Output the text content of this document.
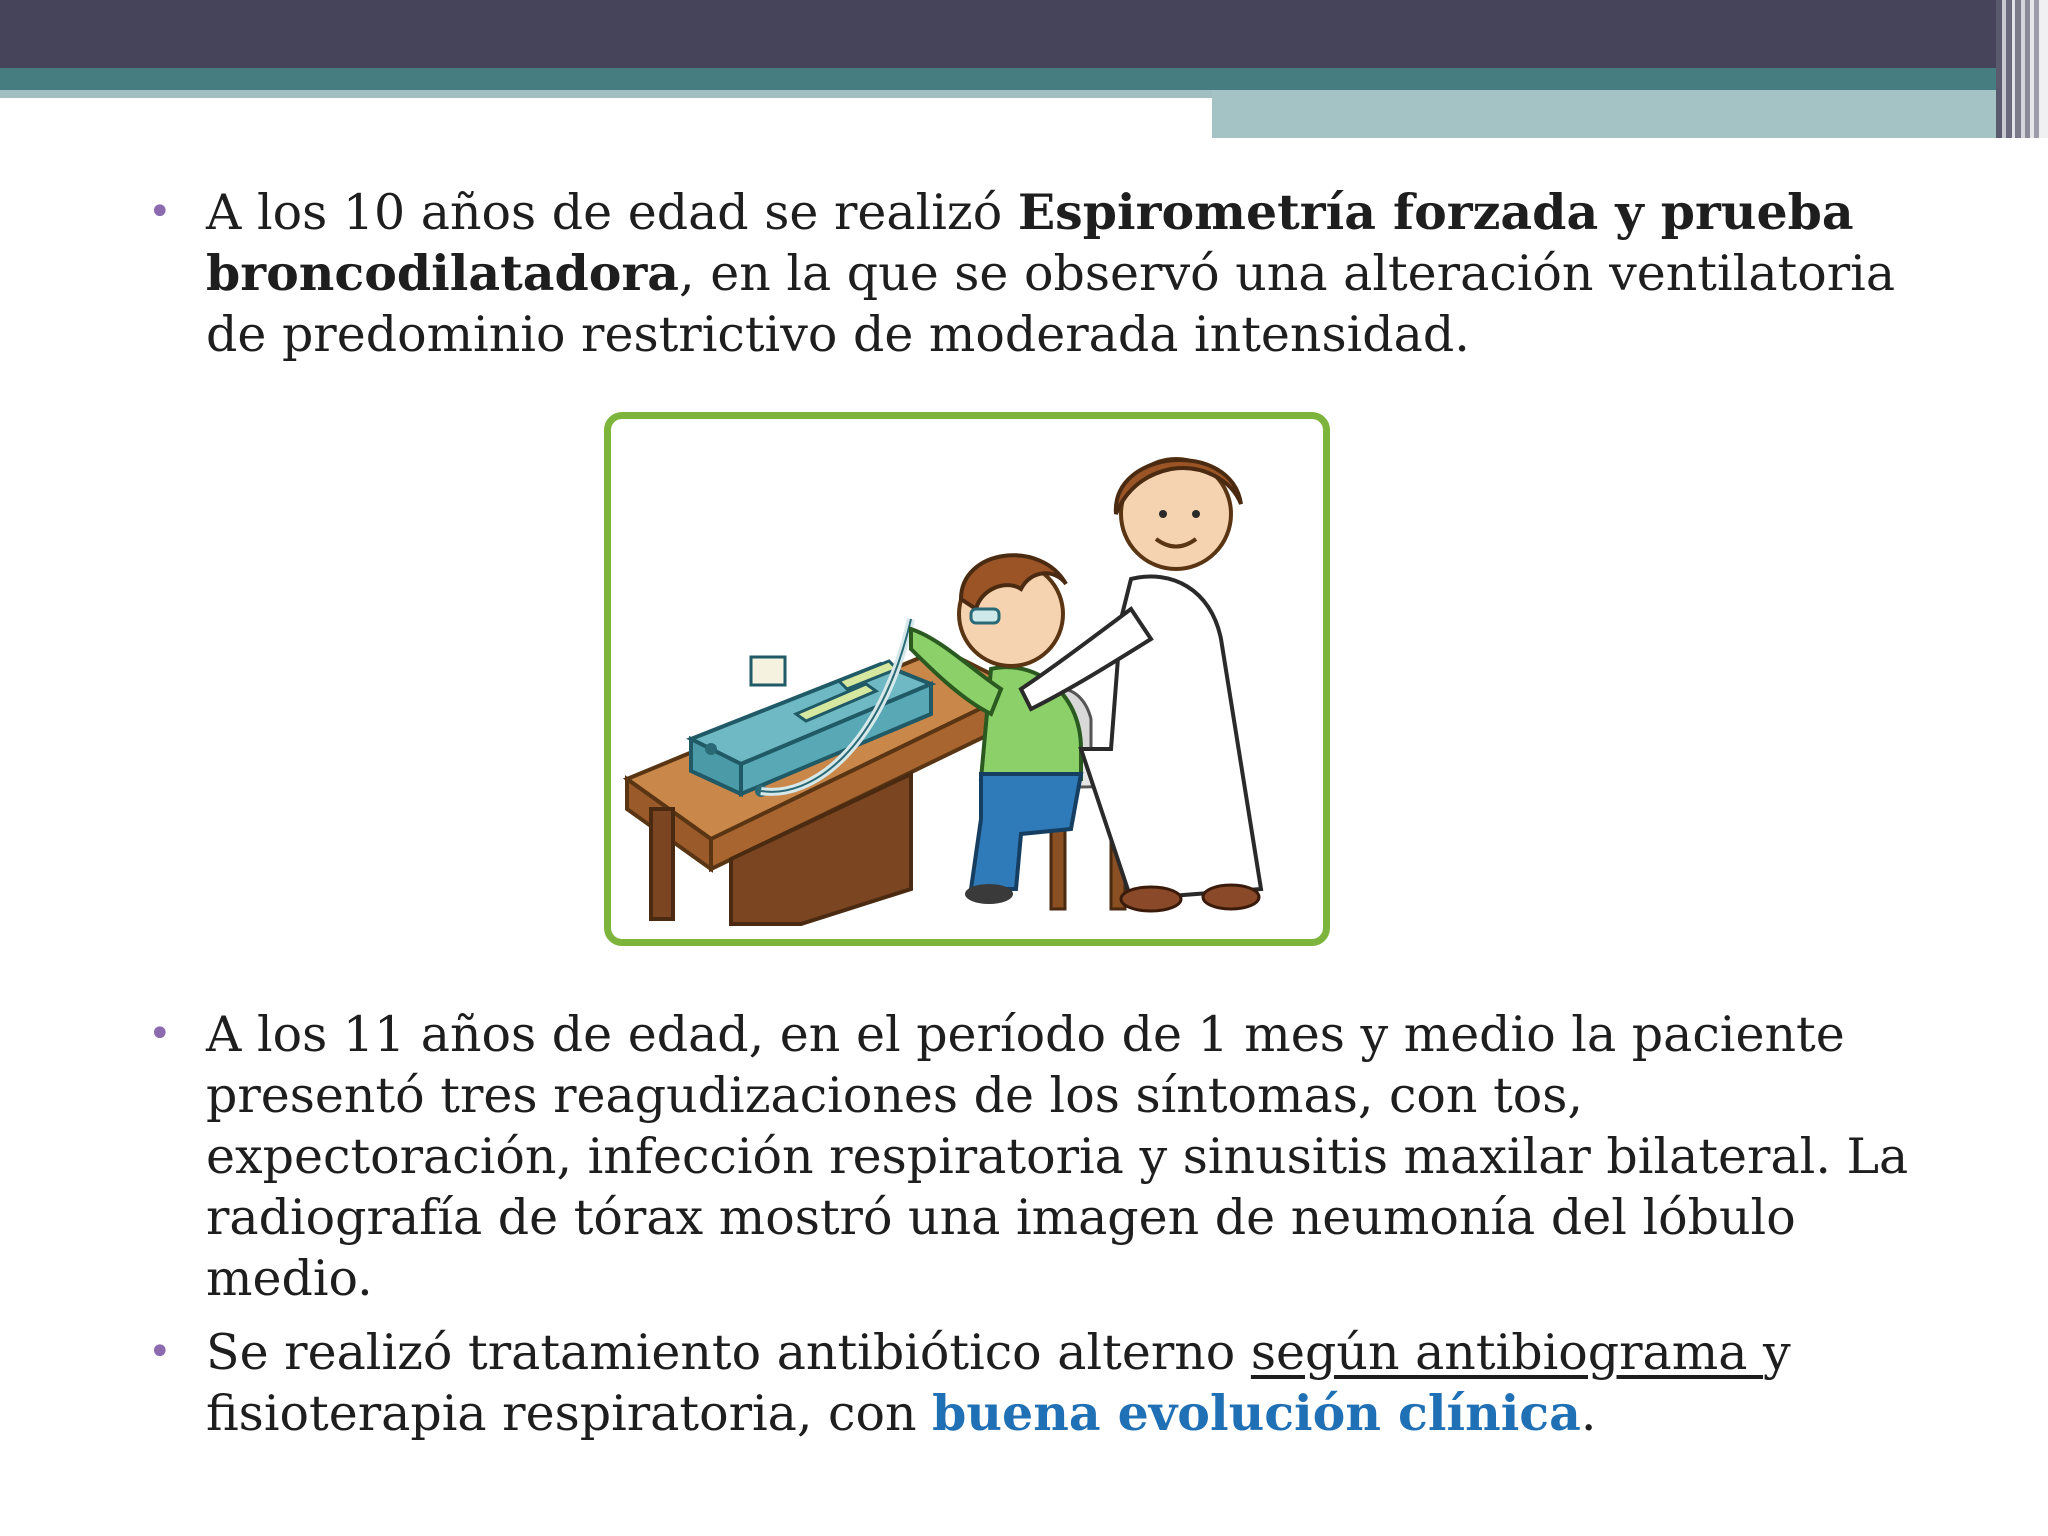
• A los 10 años de edad se realizó Espirometría forzada y prueba broncodilatadora, en la que se observó una alteración ventilatoria de predominio restrictivo de moderada intensidad.
• A los 11 años de edad, en el período de 1 mes y medio la paciente presentó tres reagudizaciones de los síntomas, con tos, expectoración, infección respiratoria y sinusitis maxilar bilateral. La radiografía de tórax mostró una imagen de neumonía del lóbulo medio.
• Se realizó tratamiento antibiótico alterno según antibiograma y fisioterapia respiratoria, con buena evolución clínica.
